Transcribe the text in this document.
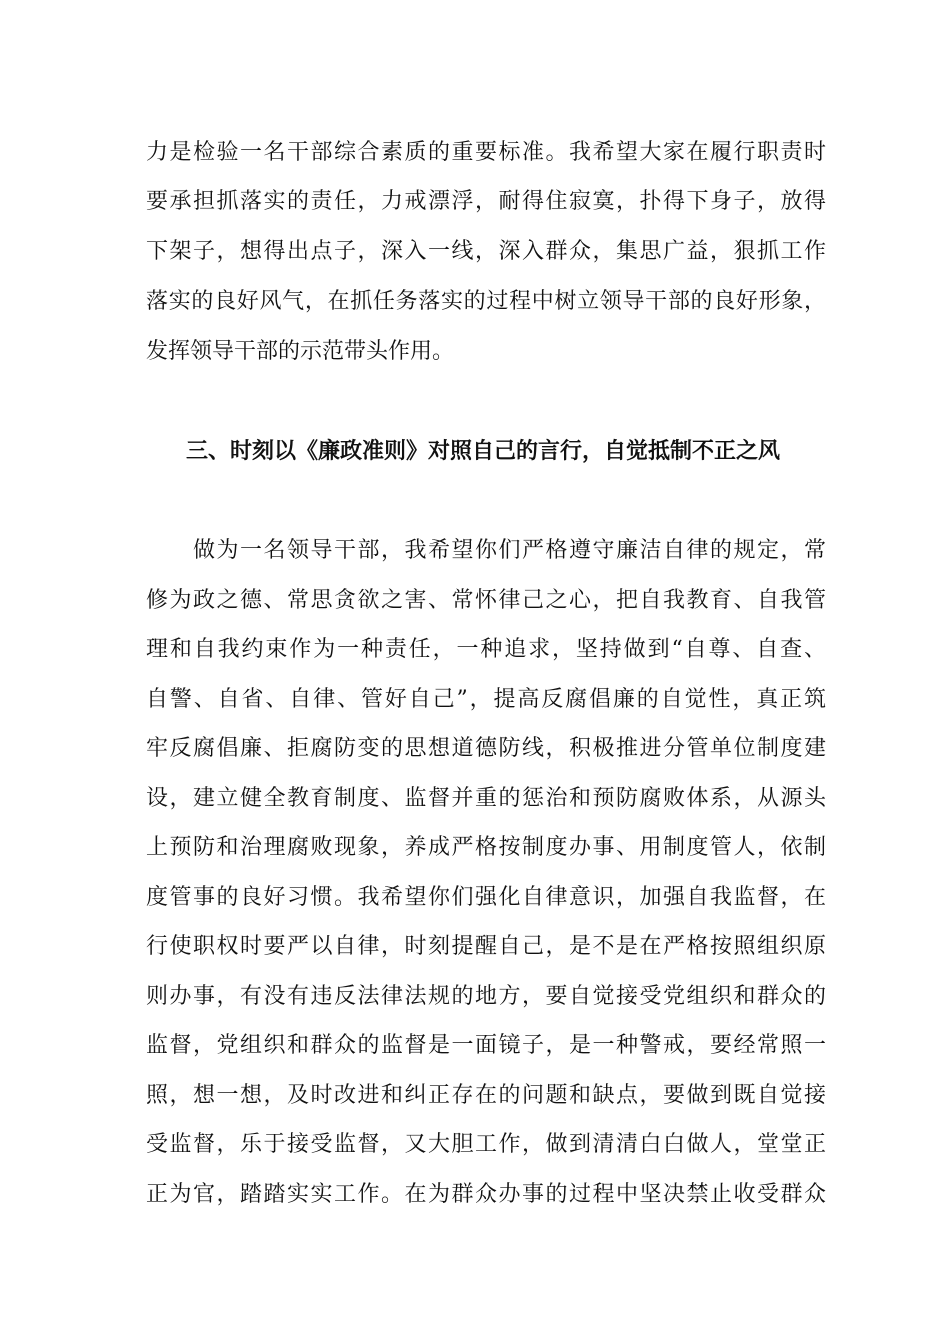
力是检验一名干部综合素质的重要标准。我希望大家在履行职责时
要承担抓落实的责任，力戒漂浮，耐得住寂寞，扑得下身子，放得
下架子，想得出点子，深入一线，深入群众，集思广益，狠抓工作
落实的良好风气，在抓任务落实的过程中树立领导干部的良好形象，
发挥领导干部的示范带头作用。
三、时刻以《廉政准则》对照自己的言行，自觉抵制不正之风
　　做为一名领导干部，我希望你们严格遵守廉洁自律的规定，常
修为政之德、常思贪欲之害、常怀律己之心，把自我教育、自我管
理和自我约束作为一种责任，一种追求，坚持做到“自尊、自查、
自警、自省、自律、管好自己”，提高反腐倡廉的自觉性，真正筑
牢反腐倡廉、拒腐防变的思想道德防线，积极推进分管单位制度建
设，建立健全教育制度、监督并重的惩治和预防腐败体系，从源头
上预防和治理腐败现象，养成严格按制度办事、用制度管人，依制
度管事的良好习惯。我希望你们强化自律意识，加强自我监督，在
行使职权时要严以自律，时刻提醒自己，是不是在严格按照组织原
则办事，有没有违反法律法规的地方，要自觉接受党组织和群众的
监督，党组织和群众的监督是一面镜子，是一种警戒，要经常照一
照，想一想，及时改进和纠正存在的问题和缺点，要做到既自觉接
受监督，乐于接受监督，又大胆工作，做到清清白白做人，堂堂正
正为官，踏踏实实工作。在为群众办事的过程中坚决禁止收受群众
